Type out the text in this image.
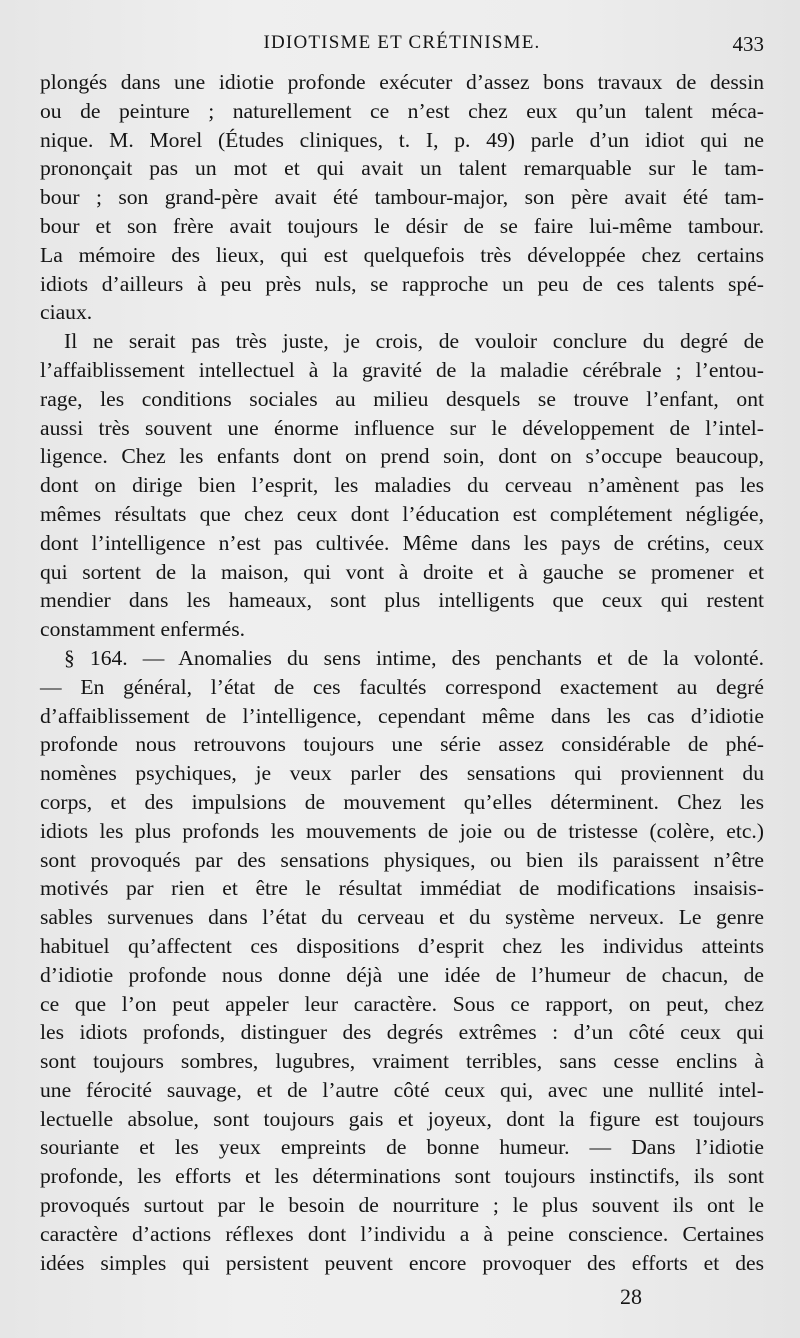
IDIOTISME ET CRÉTINISME.	433

plongés dans une idiotie profonde exécuter d’assez bons travaux de dessin

ou de peinture ; naturellement ce n’est chez eux qu’un talent méca-

nique. M. Morel (Études cliniques, t. I, p. 49) parle d’un idiot qui ne

prononçait pas un mot et qui avait un talent remarquable sur le tam-

bour ; son grand-père avait été tambour-major, son père avait été tam-

bour et son frère avait toujours le désir de se faire lui-même tambour.

La mémoire des lieux, qui est quelquefois très développée chez certains

idiots d’ailleurs à peu près nuls, se rapproche un peu de ces talents spé-

ciaux.

Il ne serait pas très juste, je crois, de vouloir conclure du degré de

l’affaiblissement intellectuel à la gravité de la maladie cérébrale ; l’entou-

rage, les conditions sociales au milieu desquels se trouve l’enfant, ont

aussi très souvent une énorme influence sur le développement de l’intel-

ligence. Chez les enfants dont on prend soin, dont on s’occupe beaucoup,

dont on dirige bien l’esprit, les maladies du cerveau n’amènent pas les

mêmes résultats que chez ceux dont l’éducation est complétement négligée,

dont l’intelligence n’est pas cultivée. Même dans les pays de crétins, ceux

qui sortent de la maison, qui vont à droite et à gauche se promener et

mendier dans les hameaux, sont plus intelligents que ceux qui restent

constamment enfermés.

§ 164. — Anomalies du sens intime, des penchants et de la volonté.

— En général, l’état de ces facultés correspond exactement au degré

d’affaiblissement de l’intelligence, cependant même dans les cas d’idiotie

profonde nous retrouvons toujours une série assez considérable de phé-

nomènes psychiques, je veux parler des sensations qui proviennent du

corps, et des impulsions de mouvement qu’elles déterminent. Chez les

idiots les plus profonds les mouvements de joie ou de tristesse (colère, etc.)

sont provoqués par des sensations physiques, ou bien ils paraissent n’être

motivés par rien et être le résultat immédiat de modifications insaisis-

sables survenues dans l’état du cerveau et du système nerveux. Le genre

habituel qu’affectent ces dispositions d’esprit chez les individus atteints

d’idiotie profonde nous donne déjà une idée de l’humeur de chacun, de

ce que l’on peut appeler leur caractère. Sous ce rapport, on peut, chez

les idiots profonds, distinguer des degrés extrêmes : d’un côté ceux qui

sont toujours sombres, lugubres, vraiment terribles, sans cesse enclins à

une férocité sauvage, et de l’autre côté ceux qui, avec une nullité intel-

lectuelle absolue, sont toujours gais et joyeux, dont la figure est toujours

souriante et les yeux empreints de bonne humeur. — Dans l’idiotie

profonde, les efforts et les déterminations sont toujours instinctifs, ils sont

provoqués surtout par le besoin de nourriture ; le plus souvent ils ont le

caractère d’actions réflexes dont l’individu a à peine conscience. Certaines

idées simples qui persistent peuvent encore provoquer des efforts et des

28
